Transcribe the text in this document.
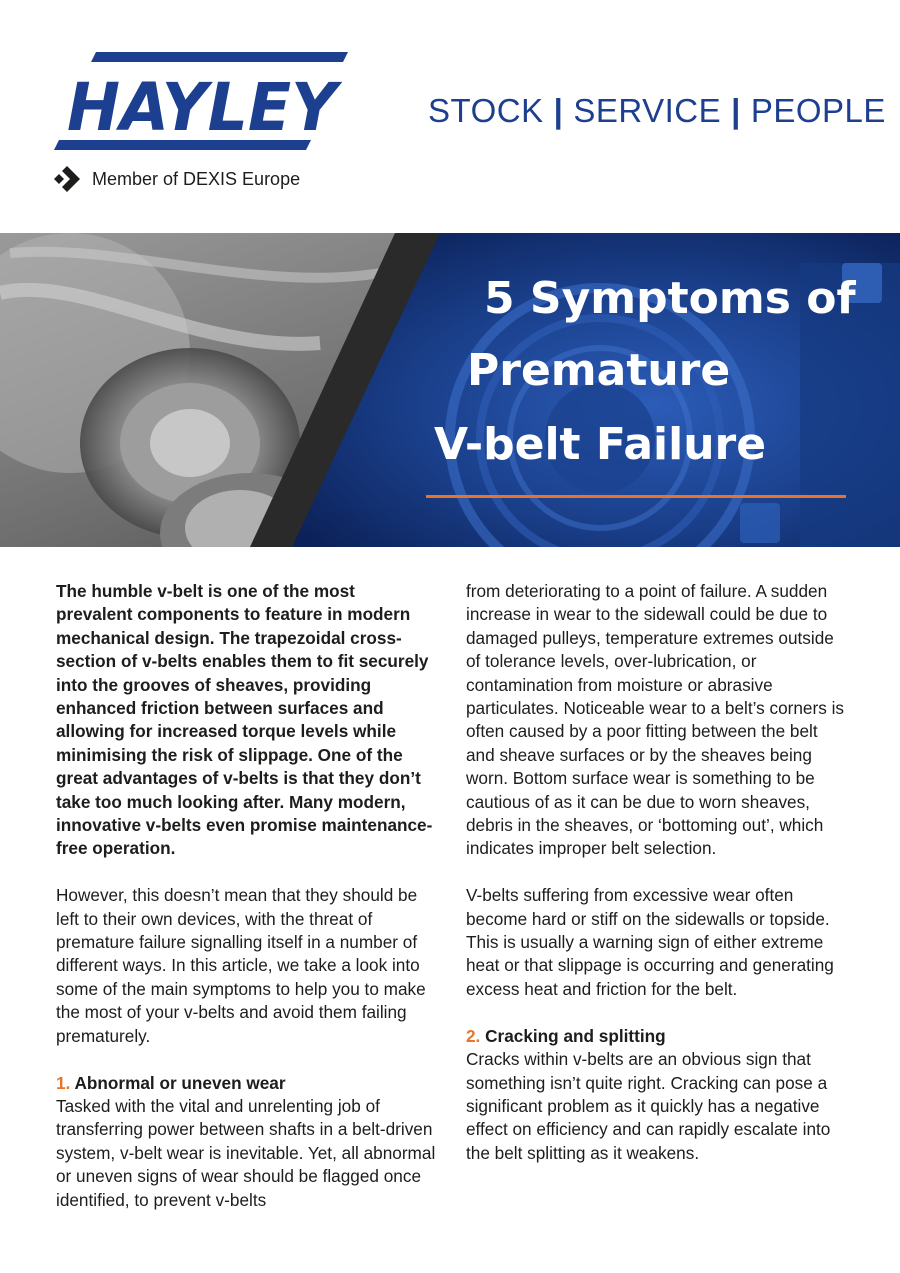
HAYLEY	STOCK | SERVICE | PEOPLE
Member of DEXIS Europe
5 Symptoms of
Premature
V-belt Failure

The humble v-belt is one of the most prevalent components to feature in modern mechanical design. The trapezoidal cross-section of v-belts enables them to fit securely into the grooves of sheaves, providing enhanced friction between surfaces and allowing for increased torque levels while minimising the risk of slippage. One of the great advantages of v-belts is that they don’t take too much looking after. Many modern, innovative v-belts even promise maintenance-free operation.

However, this doesn’t mean that they should be left to their own devices, with the threat of premature failure signalling itself in a number of different ways. In this article, we take a look into some of the main symptoms to help you to make the most of your v-belts and avoid them failing prematurely.

1. Abnormal or uneven wear

Tasked with the vital and unrelenting job of transferring power between shafts in a belt-driven system, v-belt wear is inevitable. Yet, all abnormal or uneven signs of wear should be flagged once identified, to prevent v-belts

from deteriorating to a point of failure. A sudden increase in wear to the sidewall could be due to damaged pulleys, temperature extremes outside of tolerance levels, over-lubrication, or contamination from moisture or abrasive particulates. Noticeable wear to a belt’s corners is often caused by a poor fitting between the belt and sheave surfaces or by the sheaves being worn. Bottom surface wear is something to be cautious of as it can be due to worn sheaves, debris in the sheaves, or ‘bottoming out’, which indicates improper belt selection.

V-belts suffering from excessive wear often become hard or stiff on the sidewalls or topside. This is usually a warning sign of either extreme heat or that slippage is occurring and generating excess heat and friction for the belt.

2. Cracking and splitting

Cracks within v-belts are an obvious sign that something isn’t quite right. Cracking can pose a significant problem as it quickly has a negative effect on efficiency and can rapidly escalate into the belt splitting as it weakens.
